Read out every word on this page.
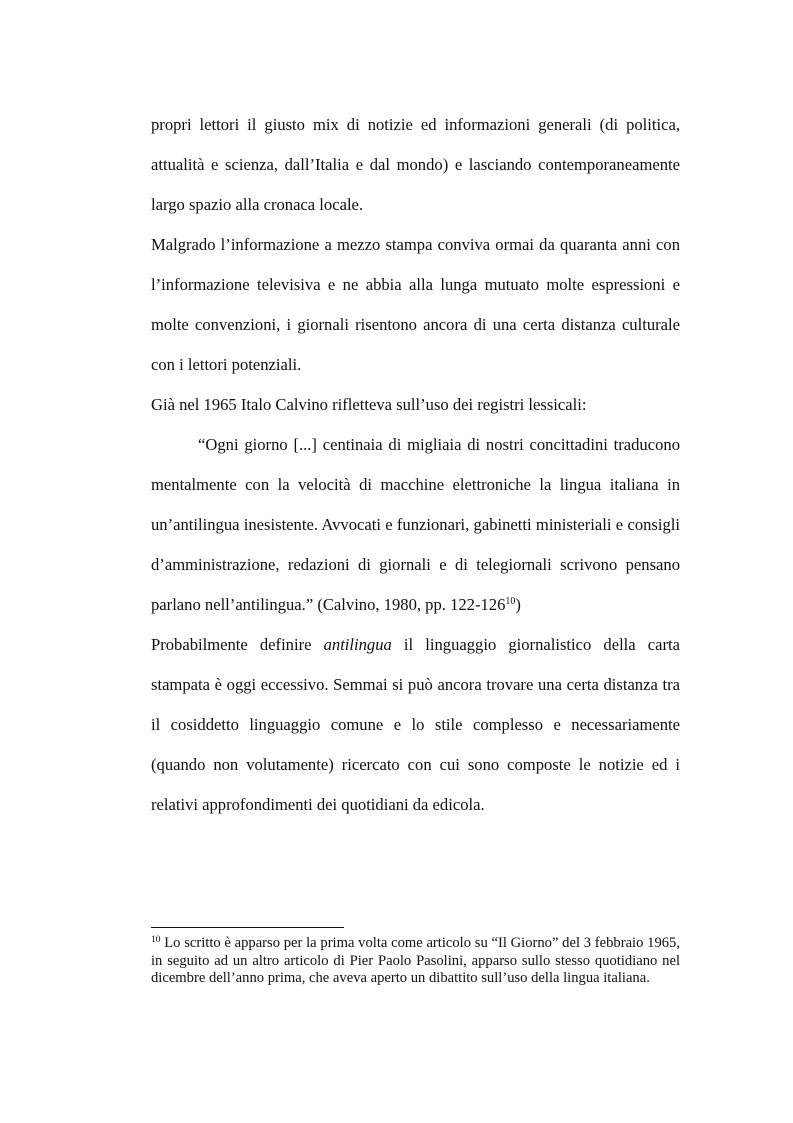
propri lettori il giusto mix di notizie ed informazioni generali (di politica, attualità e scienza, dall’Italia e dal mondo) e lasciando contemporaneamente largo spazio alla cronaca locale.

Malgrado l’informazione a mezzo stampa conviva ormai da quaranta anni con l’informazione televisiva e ne abbia alla lunga mutuato molte espressioni e molte convenzioni, i giornali risentono ancora di una certa distanza culturale con i lettori potenziali.

Già nel 1965 Italo Calvino rifletteva sull’uso dei registri lessicali:

“Ogni giorno [...] centinaia di migliaia di nostri concittadini traducono mentalmente con la velocità di macchine elettroniche la lingua italiana in un’antilingua inesistente. Avvocati e funzionari, gabinetti ministeriali e consigli d’amministrazione, redazioni di giornali e di telegiornali scrivono pensano parlano nell’antilingua.” (Calvino, 1980, pp. $122-126^{10}$)

Probabilmente definire antilingua il linguaggio giornalistico della carta stampata è oggi eccessivo. Semmai si può ancora trovare una certa distanza tra il cosiddetto linguaggio comune e lo stile complesso e necessariamente (quando non volutamente) ricercato con cui sono composte le notizie ed i relativi approfondimenti dei quotidiani da edicola.

$^{10}$ Lo scritto è apparso per la prima volta come articolo su “Il Giorno” del 3 febbraio 1965, in seguito ad un altro articolo di Pier Paolo Pasolini, apparso sullo stesso quotidiano nel dicembre dell’anno prima, che aveva aperto un dibattito sull’uso della lingua italiana.
